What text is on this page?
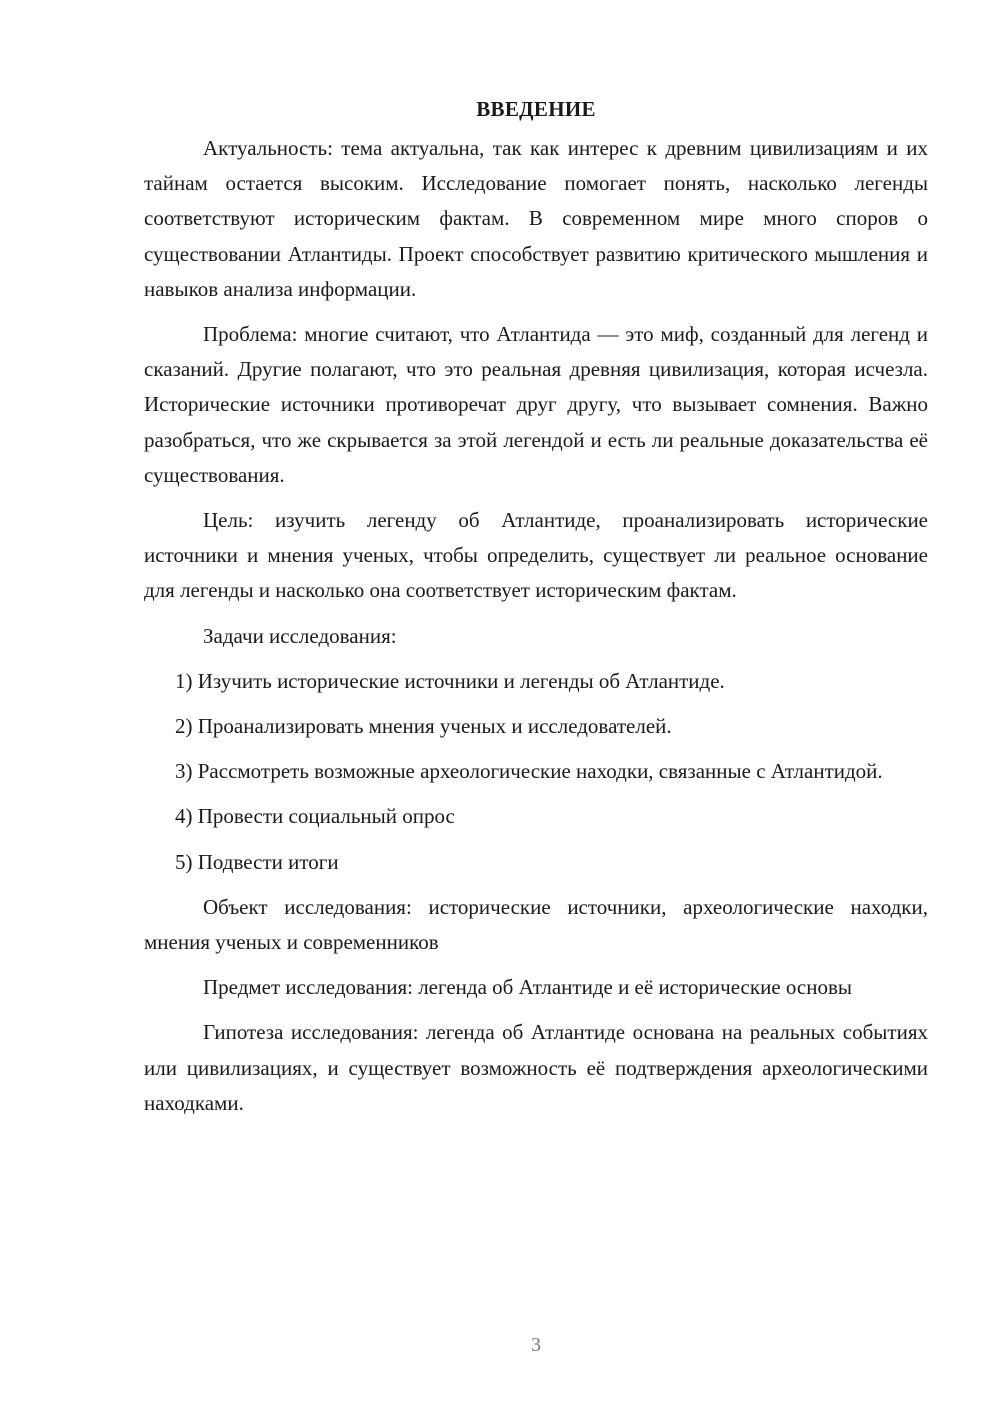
ВВЕДЕНИЕ

Актуальность: тема актуальна, так как интерес к древним цивилизациям и их тайнам остается высоким. Исследование помогает понять, насколько легенды соответствуют историческим фактам. В современном мире много споров о существовании Атлантиды. Проект способствует развитию критического мышления и навыков анализа информации.

Проблема: многие считают, что Атлантида — это миф, созданный для легенд и сказаний. Другие полагают, что это реальная древняя цивилизация, которая исчезла. Исторические источники противоречат друг другу, что вызывает сомнения. Важно разобраться, что же скрывается за этой легендой и есть ли реальные доказательства её существования.

Цель: изучить легенду об Атлантиде, проанализировать исторические источники и мнения ученых, чтобы определить, существует ли реальное основание для легенды и насколько она соответствует историческим фактам.

Задачи исследования:

1) Изучить исторические источники и легенды об Атлантиде.

2) Проанализировать мнения ученых и исследователей.

3) Рассмотреть возможные археологические находки, связанные с Атлантидой.

4) Провести социальный опрос

5) Подвести итоги

Объект исследования: исторические источники, археологические находки, мнения ученых и современников

Предмет исследования: легенда об Атлантиде и её исторические основы

Гипотеза исследования: легенда об Атлантиде основана на реальных событиях или цивилизациях, и существует возможность её подтверждения археологическими находками.

3
